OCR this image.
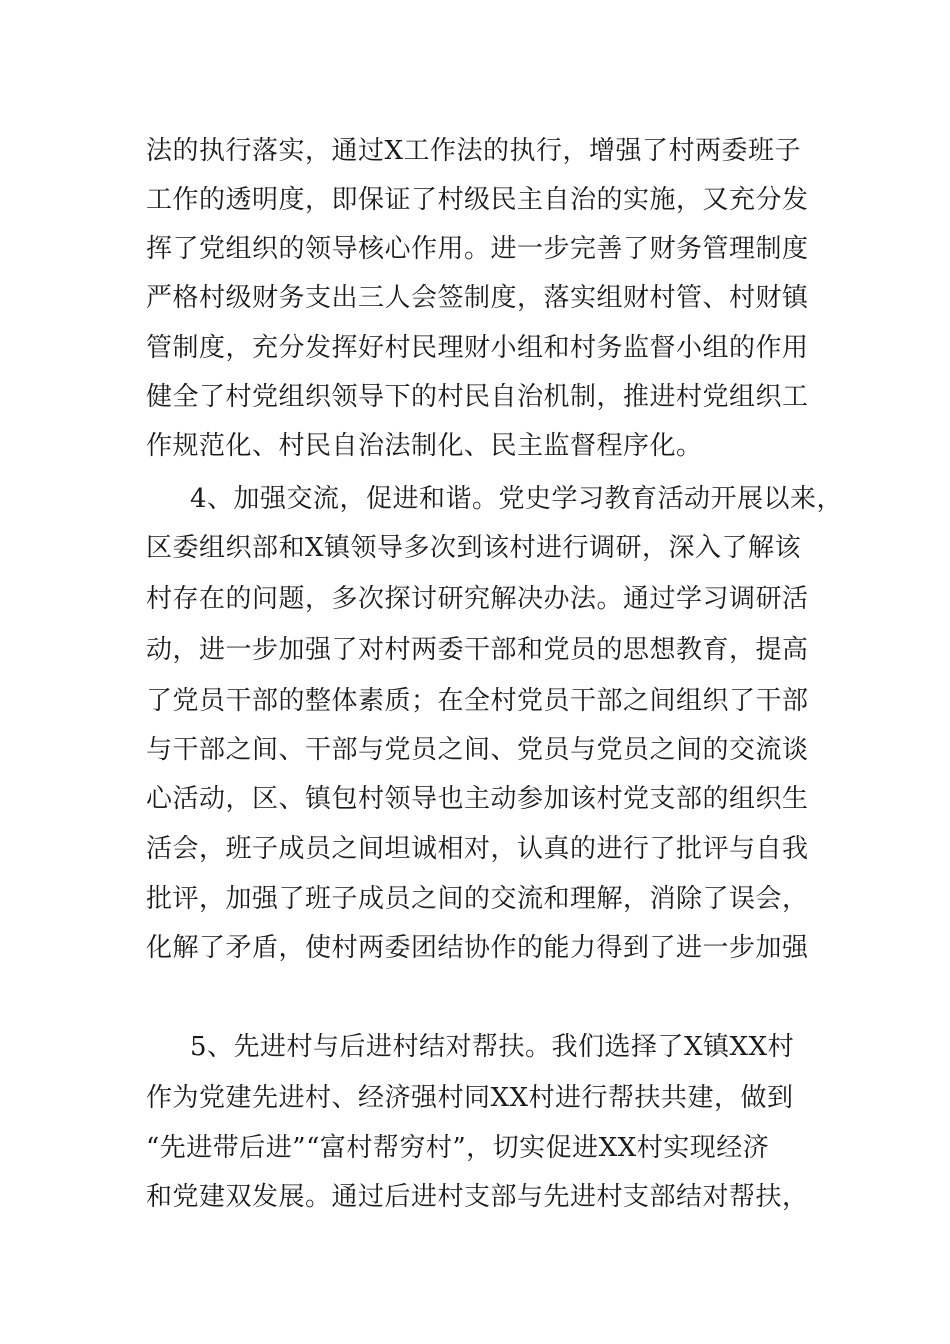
法的执行落实，通过X工作法的执行，增强了村两委班子
工作的透明度，即保证了村级民主自治的实施，又充分发
挥了党组织的领导核心作用。进一步完善了财务管理制度
严格村级财务支出三人会签制度，落实组财村管、村财镇
管制度，充分发挥好村民理财小组和村务监督小组的作用
健全了村党组织领导下的村民自治机制，推进村党组织工
作规范化、村民自治法制化、民主监督程序化。
4、加强交流，促进和谐。党史学习教育活动开展以来，
区委组织部和X镇领导多次到该村进行调研，深入了解该
村存在的问题，多次探讨研究解决办法。通过学习调研活
动，进一步加强了对村两委干部和党员的思想教育，提高
了党员干部的整体素质；在全村党员干部之间组织了干部
与干部之间、干部与党员之间、党员与党员之间的交流谈
心活动，区、镇包村领导也主动参加该村党支部的组织生
活会，班子成员之间坦诚相对，认真的进行了批评与自我
批评，加强了班子成员之间的交流和理解，消除了误会，
化解了矛盾，使村两委团结协作的能力得到了进一步加强
5、先进村与后进村结对帮扶。我们选择了X镇XX村
作为党建先进村、经济强村同XX村进行帮扶共建，做到
“先进带后进”“富村帮穷村”，切实促进XX村实现经济
和党建双发展。通过后进村支部与先进村支部结对帮扶，
